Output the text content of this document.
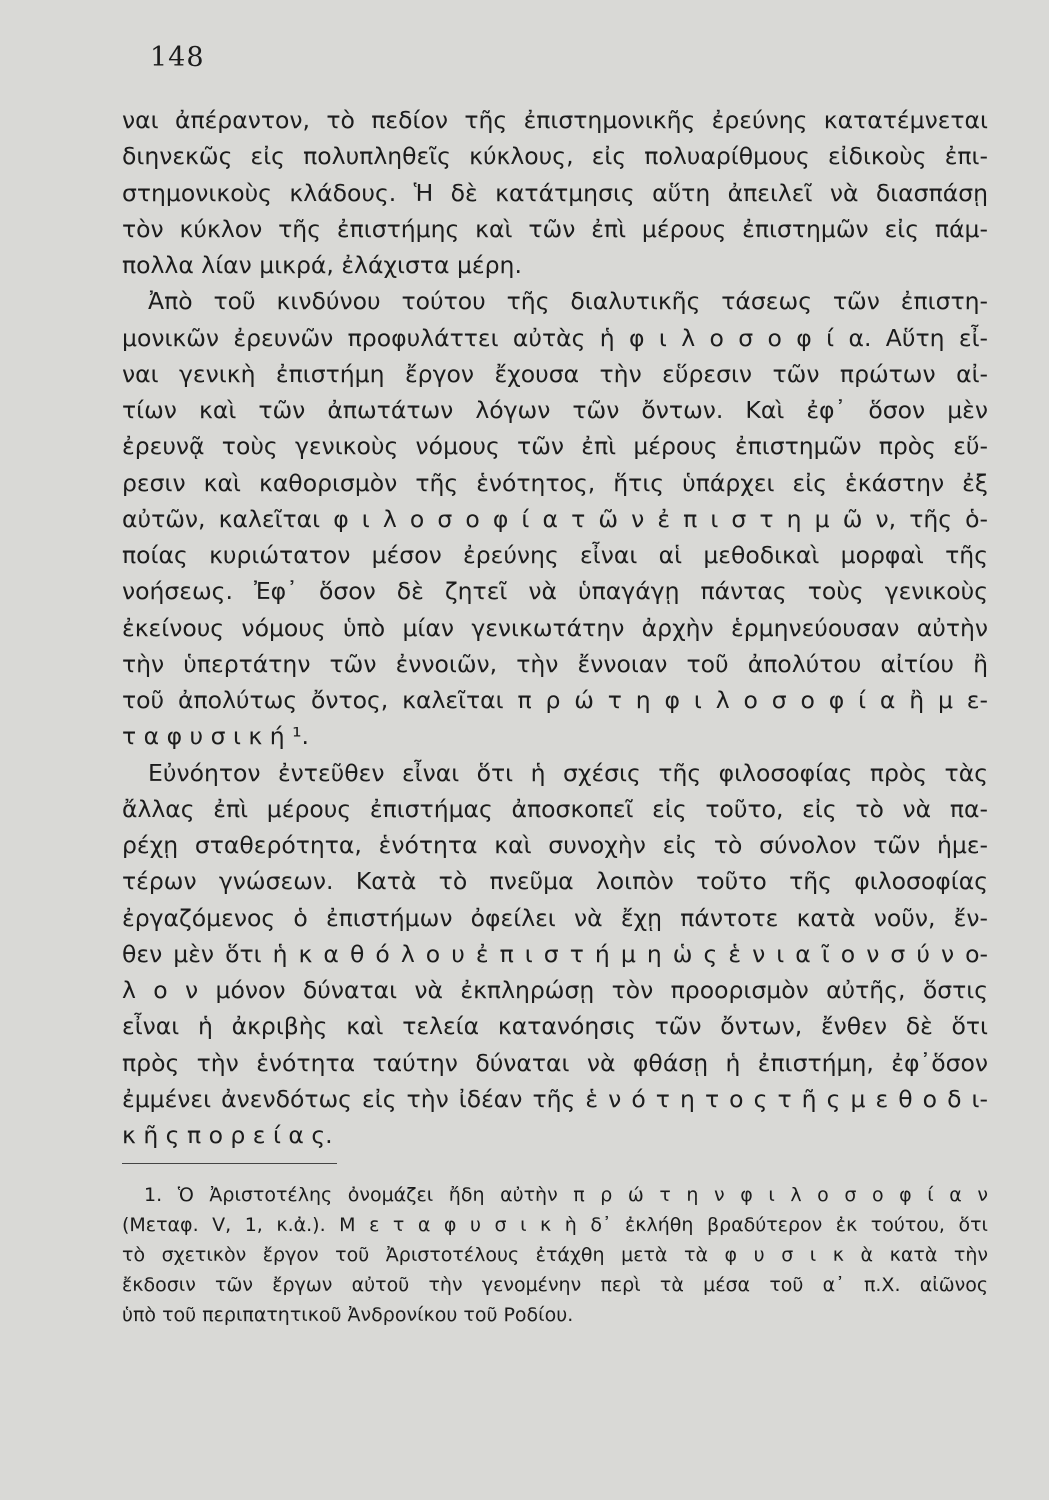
148
ναι ἀπέραντον, τὸ πεδίον τῆς ἐπιστημονικῆς ἐρεύνης κατατέμνεται
διηνεκῶς εἰς πολυπληθεῖς κύκλους, εἰς πολυαρίθμους εἰδικοὺς ἐπι-
στημονικοὺς κλάδους. Ἡ δὲ κατάτμησις αὕτη ἀπειλεῖ νὰ διασπάσῃ
τὸν κύκλον τῆς ἐπιστήμης καὶ τῶν ἐπὶ μέρους ἐπιστημῶν εἰς πάμ-
πολλα λίαν μικρά, ἐλάχιστα μέρη.
Ἀπὸ τοῦ κινδύνου τούτου τῆς διαλυτικῆς τάσεως τῶν ἐπιστη-
μονικῶν ἐρευνῶν προφυλάττει αὐτὰς ἡ φ ι λ ο σ ο φ ί α. Αὕτη εἶ-
ναι γενικὴ ἐπιστήμη ἔργον ἔχουσα τὴν εὕρεσιν τῶν πρώτων αἰ-
τίων καὶ τῶν ἀπωτάτων λόγων τῶν ὄντων. Καὶ ἐφ᾽ ὅσον μὲν
ἐρευνᾷ τοὺς γενικοὺς νόμους τῶν ἐπὶ μέρους ἐπιστημῶν πρὸς εὕ-
ρεσιν καὶ καθορισμὸν τῆς ἑνότητος, ἥτις ὑπάρχει εἰς ἑκάστην ἐξ
αὐτῶν, καλεῖται φ ι λ ο σ ο φ ί α τ ῶ ν ἐ π ι σ τ η μ ῶ ν, τῆς ὁ-
ποίας κυριώτατον μέσον ἐρεύνης εἶναι αἱ μεθοδικαὶ μορφαὶ τῆς
νοήσεως. Ἐφ᾽ ὅσον δὲ ζητεῖ νὰ ὑπαγάγῃ πάντας τοὺς γενικοὺς
ἐκείνους νόμους ὑπὸ μίαν γενικωτάτην ἀρχὴν ἑρμηνεύουσαν αὐτὴν
τὴν ὑπερτάτην τῶν ἐννοιῶν, τὴν ἔννοιαν τοῦ ἀπολύτου αἰτίου ἢ
τοῦ ἀπολύτως ὄντος, καλεῖται π ρ ώ τ η φ ι λ ο σ ο φ ί α ἢ μ ε-
τ α φ υ σ ι κ ή ¹.
Εὐνόητον ἐντεῦθεν εἶναι ὅτι ἡ σχέσις τῆς φιλοσοφίας πρὸς τὰς
ἄλλας ἐπὶ μέρους ἐπιστήμας ἀποσκοπεῖ εἰς τοῦτο, εἰς τὸ νὰ πα-
ρέχῃ σταθερότητα, ἑνότητα καὶ συνοχὴν εἰς τὸ σύνολον τῶν ἡμε-
τέρων γνώσεων. Κατὰ τὸ πνεῦμα λοιπὸν τοῦτο τῆς φιλοσοφίας
ἐργαζόμενος ὁ ἐπιστήμων ὀφείλει νὰ ἔχῃ πάντοτε κατὰ νοῦν, ἔν-
θεν μὲν ὅτι ἡ κ α θ ό λ ο υ ἐ π ι σ τ ή μ η ὡ ς ἑ ν ι α ῖ ο ν σ ύ ν ο-
λ ο ν μόνον δύναται νὰ ἐκπληρώσῃ τὸν προορισμὸν αὐτῆς, ὅστις
εἶναι ἡ ἀκριβὴς καὶ τελεία κατανόησις τῶν ὄντων, ἔνθεν δὲ ὅτι
πρὸς τὴν ἑνότητα ταύτην δύναται νὰ φθάσῃ ἡ ἐπιστήμη, ἐφ᾽ὅσον
ἐμμένει ἀνενδότως εἰς τὴν ἰδέαν τῆς ἑ ν ό τ η τ ο ς τ ῆ ς μ ε θ ο δ ι-
κ ῆ ς π ο ρ ε ί α ς.
1. Ὁ Ἀριστοτέλης ὀνομάζει ἤδη αὐτὴν π ρ ώ τ η ν φ ι λ ο σ ο φ ί α ν
(Μεταφ. V, 1, κ.ἀ.). Μ ε τ α φ υ σ ι κ ὴ δ᾽ ἐκλήθη βραδύτερον ἐκ τούτου, ὅτι
τὸ σχετικὸν ἔργον τοῦ Ἀριστοτέλους ἐτάχθη μετὰ τὰ φ υ σ ι κ ὰ κατὰ τὴν
ἔκδοσιν τῶν ἔργων αὐτοῦ τὴν γενομένην περὶ τὰ μέσα τοῦ α᾽ π.Χ. αἰῶνος
ὑπὸ τοῦ περιπατητικοῦ Ἀνδρονίκου τοῦ Ροδίου.
